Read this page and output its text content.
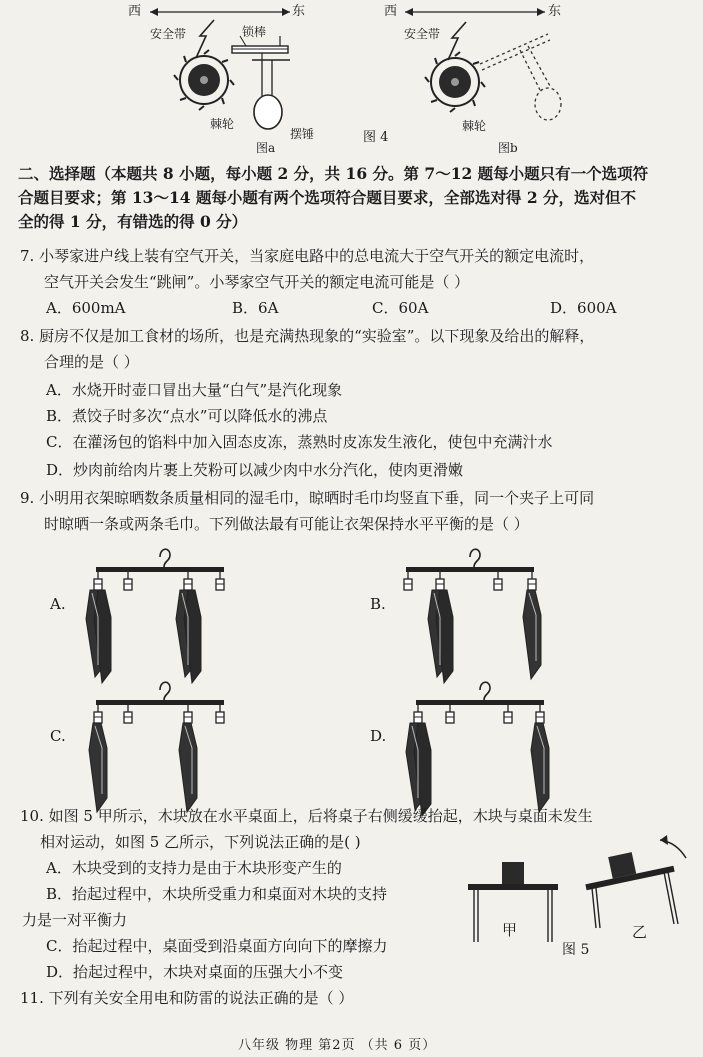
西	东
安全带	锁棒
棘轮
摆锤
图a
西	东
安全带
棘轮
图b
图 4
二、选择题（本题共 8 小题，每小题 2 分，共 16 分。第 7～12 题每小题只有一个选项符
合题目要求；第 13～14 题每小题有两个选项符合题目要求，全部选对得 2 分，选对但不
全的得 1 分，有错选的得 0 分）
7. 小琴家进户线上装有空气开关，当家庭电路中的总电流大于空气开关的额定电流时，
空气开关会发生“跳闸”。小琴家空气开关的额定电流可能是（ ）
A．600mA	B．6A	C．60A	D．600A
8. 厨房不仅是加工食材的场所，也是充满热现象的“实验室”。以下现象及给出的解释，
合理的是（ ）
A．水烧开时壶口冒出大量“白气”是汽化现象
B．煮饺子时多次“点水”可以降低水的沸点
C．在灌汤包的馅料中加入固态皮冻，蒸熟时皮冻发生液化，使包中充满汁水
D．炒肉前给肉片裹上芡粉可以减少肉中水分汽化，使肉更滑嫩
9. 小明用衣架晾晒数条质量相同的湿毛巾，晾晒时毛巾均竖直下垂，同一个夹子上可同
时晾晒一条或两条毛巾。下列做法最有可能让衣架保持水平平衡的是（ ）
A.	B.
C.	D.
10. 如图 5 甲所示，木块放在水平桌面上，后将桌子右侧缓缓抬起，木块与桌面未发生
相对运动，如图 5 乙所示，下列说法正确的是( )
A．木块受到的支持力是由于木块形变产生的
B．抬起过程中，木块所受重力和桌面对木块的支持
力是一对平衡力
C．抬起过程中，桌面受到沿桌面方向向下的摩擦力
D．抬起过程中，木块对桌面的压强大小不变
甲	乙
图 5
11. 下列有关安全用电和防雷的说法正确的是（ ）
八年级 物理 第2页 （共 6 页）
